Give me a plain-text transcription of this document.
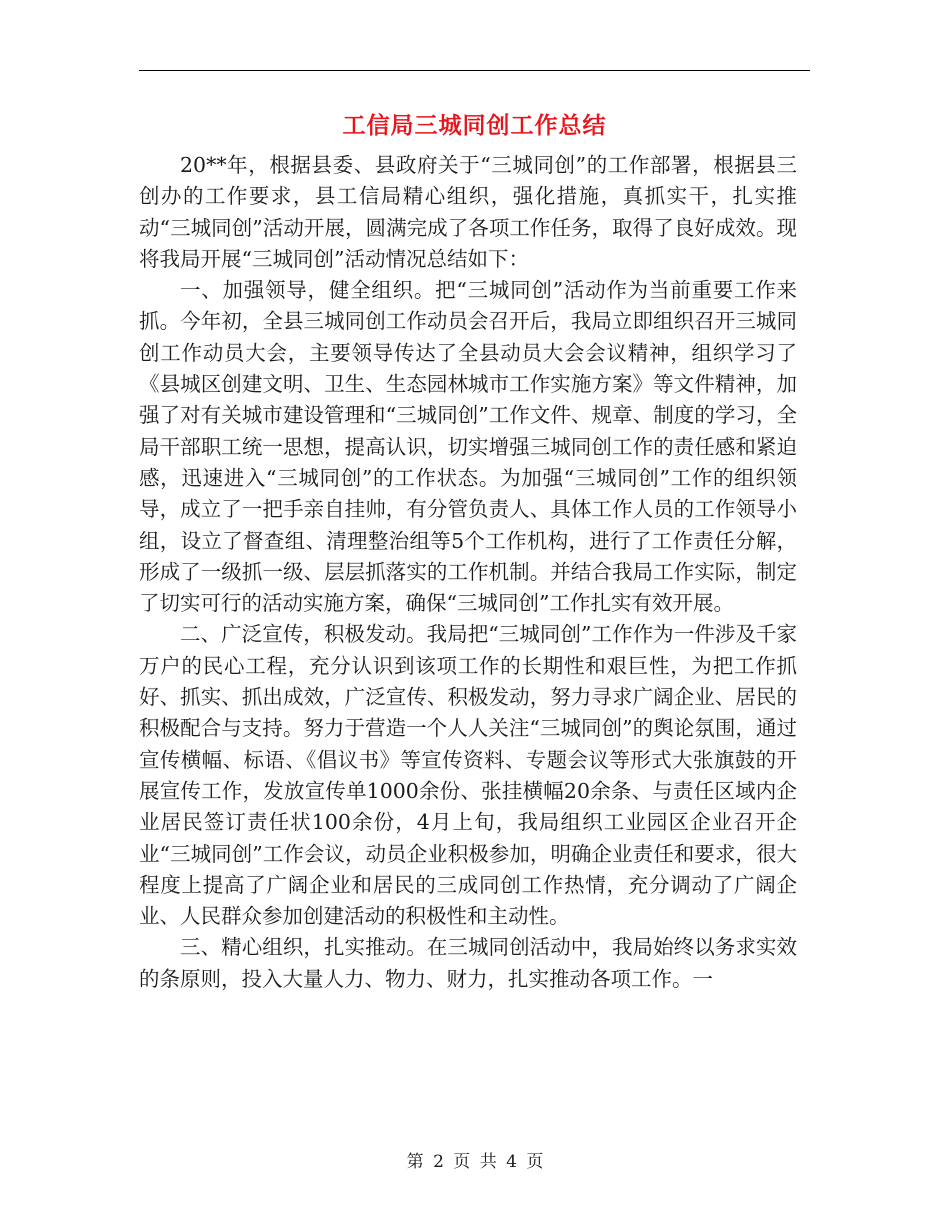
工信局三城同创工作总结

20**年，根据县委、县政府关于“三城同创”的工作部署，根据县三创办的工作要求，县工信局精心组织，强化措施，真抓实干，扎实推动“三城同创”活动开展，圆满完成了各项工作任务，取得了良好成效。现将我局开展“三城同创”活动情况总结如下：

一、加强领导，健全组织。把“三城同创”活动作为当前重要工作来抓。今年初，全县三城同创工作动员会召开后，我局立即组织召开三城同创工作动员大会，主要领导传达了全县动员大会会议精神，组织学习了《县城区创建文明、卫生、生态园林城市工作实施方案》等文件精神，加强了对有关城市建设管理和“三城同创”工作文件、规章、制度的学习，全局干部职工统一思想，提高认识，切实增强三城同创工作的责任感和紧迫感，迅速进入“三城同创”的工作状态。为加强“三城同创”工作的组织领导，成立了一把手亲自挂帅，有分管负责人、具体工作人员的工作领导小组，设立了督查组、清理整治组等5个工作机构，进行了工作责任分解，形成了一级抓一级、层层抓落实的工作机制。并结合我局工作实际，制定了切实可行的活动实施方案，确保“三城同创”工作扎实有效开展。

二、广泛宣传，积极发动。我局把“三城同创”工作作为一件涉及千家万户的民心工程，充分认识到该项工作的长期性和艰巨性，为把工作抓好、抓实、抓出成效，广泛宣传、积极发动，努力寻求广阔企业、居民的积极配合与支持。努力于营造一个人人关注“三城同创”的舆论氛围，通过宣传横幅、标语、《倡议书》等宣传资料、专题会议等形式大张旗鼓的开展宣传工作，发放宣传单1000余份、张挂横幅20余条、与责任区域内企业居民签订责任状100余份，4月上旬，我局组织工业园区企业召开企业“三城同创”工作会议，动员企业积极参加，明确企业责任和要求，很大程度上提高了广阔企业和居民的三成同创工作热情，充分调动了广阔企业、人民群众参加创建活动的积极性和主动性。

三、精心组织，扎实推动。在三城同创活动中，我局始终以务求实效的条原则，投入大量人力、物力、财力，扎实推动各项工作。一

第 2 页 共 4 页
